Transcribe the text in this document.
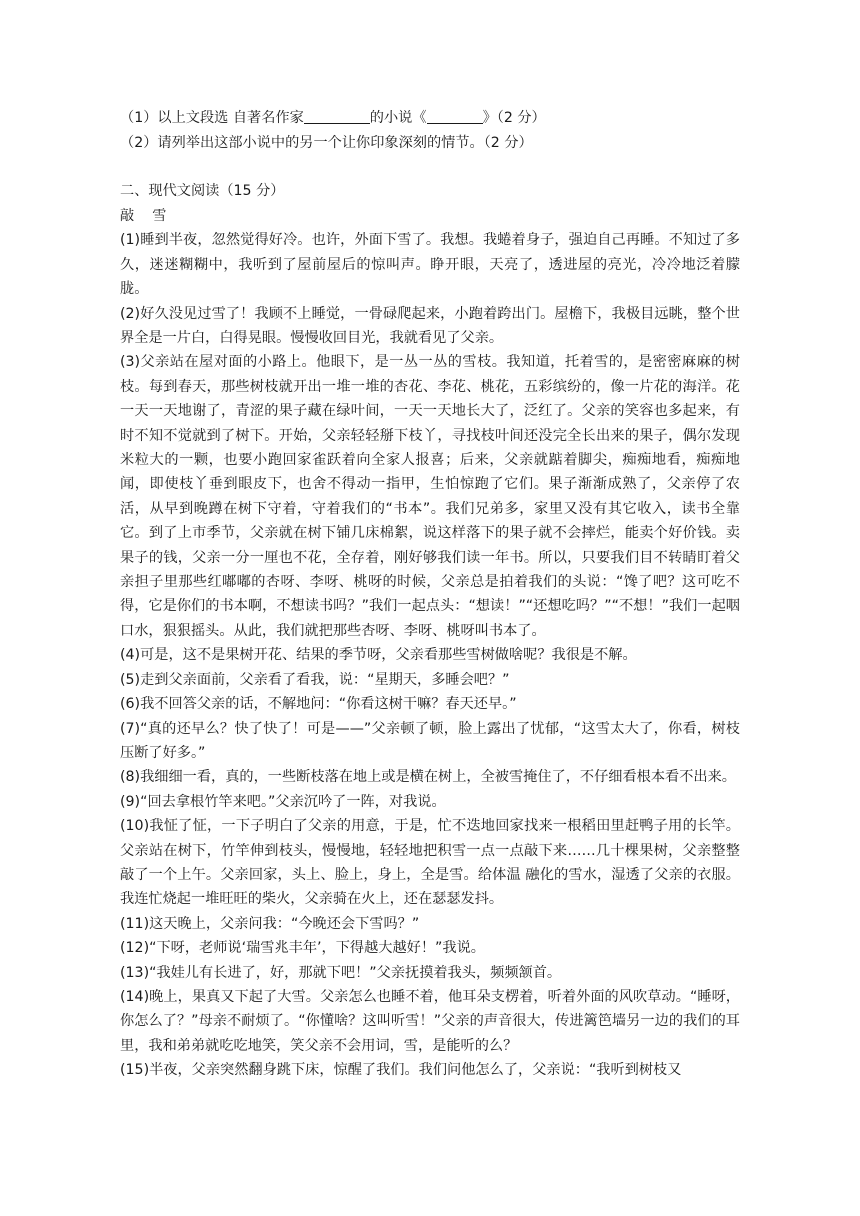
（1）以上文段选 自著名作家	的小说《	》（2 分）
（2）请列举出这部小说中的另一个让你印象深刻的情节。（2 分）
二、现代文阅读（15 分）
敲    雪

(1)睡到半夜，忽然觉得好冷。也许，外面下雪了。我想。我蜷着身子，强迫自己再睡。不知过了多久，迷迷糊糊中，我听到了屋前屋后的惊叫声。睁开眼，天亮了，透进屋的亮光，冷冷地泛着朦胧。

(2)好久没见过雪了！我顾不上睡觉，一骨碌爬起来，小跑着跨出门。屋檐下，我极目远眺，整个世界全是一片白，白得晃眼。慢慢收回目光，我就看见了父亲。

(3)父亲站在屋对面的小路上。他眼下，是一丛一丛的雪枝。我知道，托着雪的，是密密麻麻的树枝。每到春天，那些树枝就开出一堆一堆的杏花、李花、桃花，五彩缤纷的，像一片花的海洋。花一天一天地谢了，青涩的果子藏在绿叶间，一天一天地长大了，泛红了。父亲的笑容也多起来，有时不知不觉就到了树下。开始，父亲轻轻掰下枝丫，寻找枝叶间还没完全长出来的果子，偶尔发现米粒大的一颗，也要小跑回家雀跃着向全家人报喜；后来，父亲就踮着脚尖，痴痴地看，痴痴地闻，即使枝丫垂到眼皮下，也舍不得动一指甲，生怕惊跑了它们。果子渐渐成熟了，父亲停了农活，从早到晚蹲在树下守着，守着我们的“书本”。我们兄弟多，家里又没有其它收入，读书全靠它。到了上市季节，父亲就在树下铺几床棉絮，说这样落下的果子就不会摔烂，能卖个好价钱。卖果子的钱，父亲一分一厘也不花，全存着，刚好够我们读一年书。所以，只要我们目不转睛盯着父亲担子里那些红嘟嘟的杏呀、李呀、桃呀的时候，父亲总是拍着我们的头说：“馋了吧？这可吃不得，它是你们的书本啊，不想读书吗？”我们一起点头：“想读！”“还想吃吗？”“不想！”我们一起咽口水，狠狠摇头。从此，我们就把那些杏呀、李呀、桃呀叫书本了。

(4)可是，这不是果树开花、结果的季节呀，父亲看那些雪树做啥呢？我很是不解。

(5)走到父亲面前，父亲看了看我，说：“星期天，多睡会吧？”

(6)我不回答父亲的话，不解地问：“你看这树干嘛？春天还早。”

(7)“真的还早么？快了快了！可是——”父亲顿了顿，脸上露出了忧郁，“这雪太大了，你看，树枝压断了好多。”

(8)我细细一看，真的，一些断枝落在地上或是横在树上，全被雪掩住了，不仔细看根本看不出来。

(9)“回去拿根竹竿来吧。”父亲沉吟了一阵，对我说。

(10)我怔了怔，一下子明白了父亲的用意，于是，忙不迭地回家找来一根稻田里赶鸭子用的长竿。父亲站在树下，竹竿伸到枝头，慢慢地，轻轻地把积雪一点一点敲下来……几十棵果树，父亲整整敲了一个上午。父亲回家，头上、脸上，身上，全是雪。给体温 融化的雪水，湿透了父亲的衣服。我连忙烧起一堆旺旺的柴火，父亲骑在火上，还在瑟瑟发抖。

(11)这天晚上，父亲问我：“今晚还会下雪吗？”

(12)“下呀，老师说‘瑞雪兆丰年’，下得越大越好！”我说。

(13)“我娃儿有长进了，好，那就下吧！”父亲抚摸着我头，频频颔首。

(14)晚上，果真又下起了大雪。父亲怎么也睡不着，他耳朵支楞着，听着外面的风吹草动。“睡呀，你怎么了？”母亲不耐烦了。“你懂啥？这叫听雪！”父亲的声音很大，传进篱笆墙另一边的我们的耳里，我和弟弟就吃吃地笑，笑父亲不会用词，雪，是能听的么？

(15)半夜，父亲突然翻身跳下床，惊醒了我们。我们问他怎么了，父亲说：“我听到树枝又
